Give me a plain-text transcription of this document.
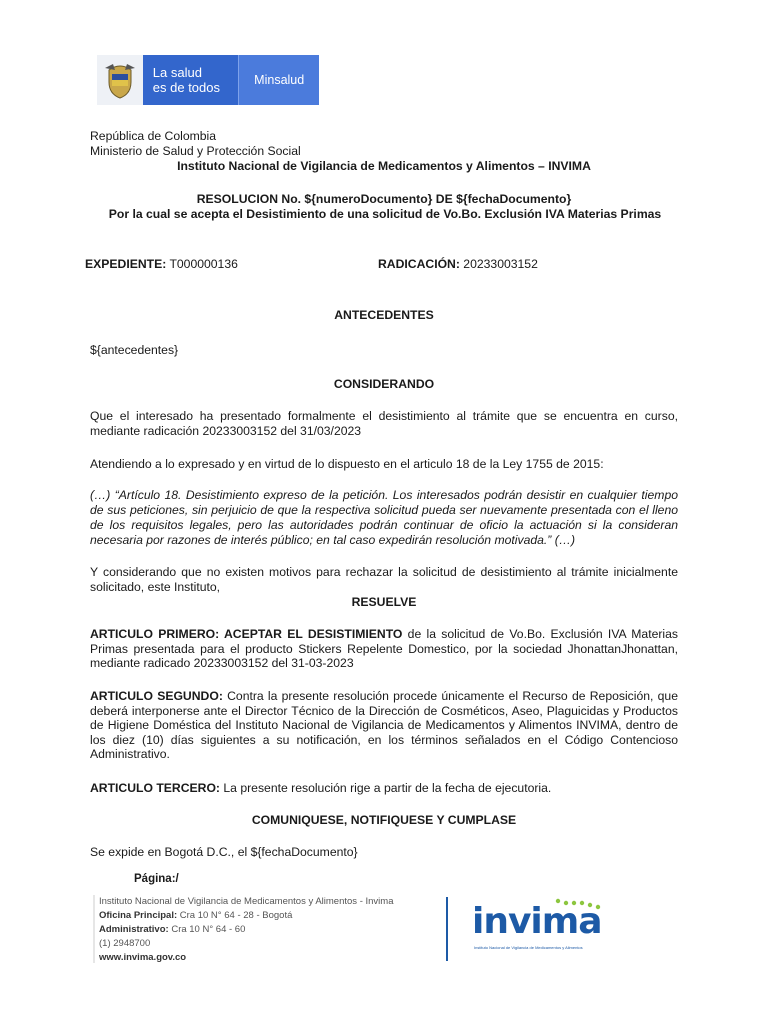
La salud
es de todos	Minsalud
República de Colombia
Ministerio de Salud y Protección Social
Instituto Nacional de Vigilancia de Medicamentos y Alimentos – INVIMA
RESOLUCION No. ${numeroDocumento} DE ${fechaDocumento}
Por la cual se acepta el Desistimiento de una solicitud de Vo.Bo. Exclusión IVA Materias Primas
EXPEDIENTE: T000000136	RADICACIÓN: 20233003152
ANTECEDENTES
${antecedentes}
CONSIDERANDO
Que el interesado ha presentado formalmente el desistimiento al trámite que se encuentra en curso, mediante radicación 20233003152 del 31/03/2023
Atendiendo a lo expresado y en virtud de lo dispuesto en el articulo 18 de la Ley 1755 de 2015:
(…) “Artículo 18. Desistimiento expreso de la petición. Los interesados podrán desistir en cualquier tiempo de sus peticiones, sin perjuicio de que la respectiva solicitud pueda ser nuevamente presentada con el lleno de los requisitos legales, pero las autoridades podrán continuar de oficio la actuación si la consideran necesaria por razones de interés público; en tal caso expedirán resolución motivada.” (…)
Y considerando que no existen motivos para rechazar la solicitud de desistimiento al trámite inicialmente solicitado, este Instituto,
RESUELVE
ARTICULO PRIMERO: ACEPTAR EL DESISTIMIENTO de la solicitud de Vo.Bo. Exclusión IVA Materias Primas presentada para el producto Stickers Repelente Domestico, por la sociedad JhonattanJhonattan, mediante radicado 20233003152 del 31-03-2023
ARTICULO SEGUNDO: Contra la presente resolución procede únicamente el Recurso de Reposición, que deberá interponerse ante el Director Técnico de la Dirección de Cosméticos, Aseo, Plaguicidas y Productos de Higiene Doméstica del Instituto Nacional de Vigilancia de Medicamentos y Alimentos INVIMA, dentro de los diez (10) días siguientes a su notificación, en los términos señalados en el Código Contencioso Administrativo.
ARTICULO TERCERO: La presente resolución rige a partir de la fecha de ejecutoria.
COMUNIQUESE, NOTIFIQUESE Y CUMPLASE
Se expide en Bogotá D.C., el ${fechaDocumento}
Página:/
Instituto Nacional de Vigilancia de Medicamentos y Alimentos - Invima
Oficina Principal: Cra 10 N° 64 - 28 - Bogotá
Administrativo: Cra 10 N° 64 - 60
(1) 2948700
www.invima.gov.co
invima
Instituto Nacional de Vigilancia de Medicamentos y Alimentos
